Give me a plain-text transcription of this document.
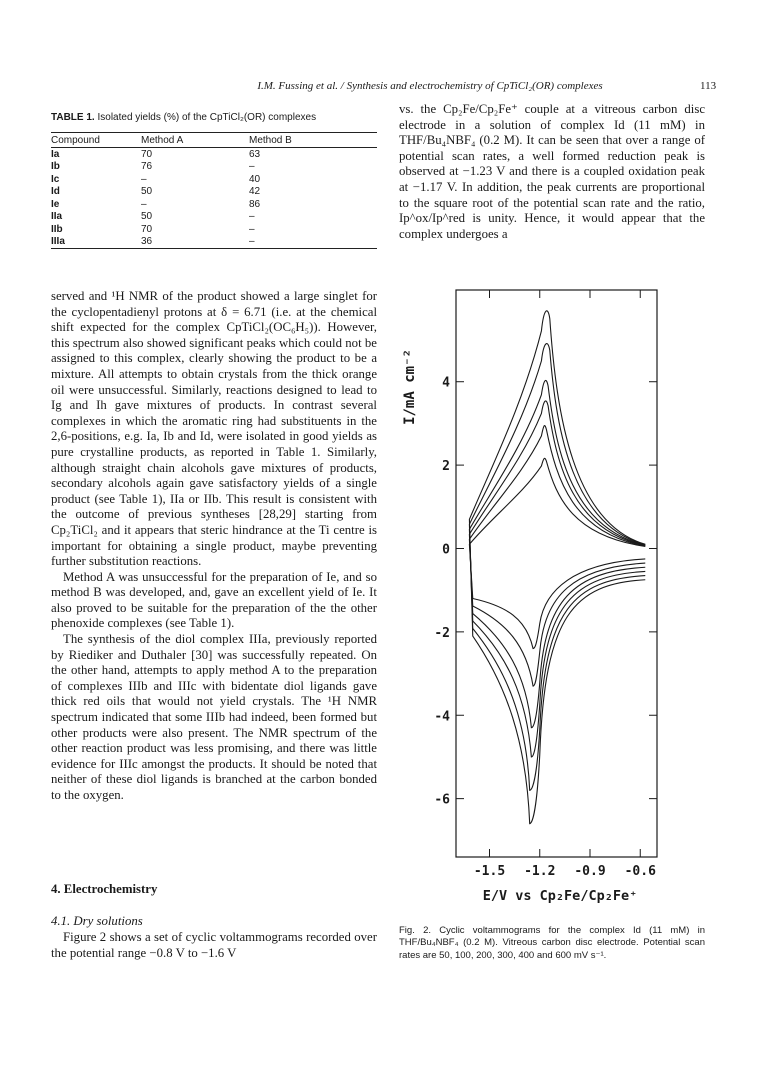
I.M. Fussing et al. / Synthesis and electrochemistry of CpTiCl₂(OR) complexes	113
TABLE 1. Isolated yields (%) of the CpTiCl₂(OR) complexes
Compound	Method A	Method B
Ia	70	63
Ib	76	–
Ic	–	40
Id	50	42
Ie	–	86
IIa	50	–
IIb	70	–
IIIa	36	–

vs. the Cp₂Fe/Cp₂Fe⁺ couple at a vitreous carbon disc electrode in a solution of complex Id (11 mM) in THF/Bu₄NBF₄ (0.2 M). It can be seen that over a range of potential scan rates, a well formed reduction peak is observed at −1.23 V and there is a coupled oxidation peak at −1.17 V. In addition, the peak currents are proportional to the square root of the potential scan rate and the ratio, Ip^ox/Ip^red is unity. Hence, it would appear that the complex undergoes a

served and ¹H NMR of the product showed a large singlet for the cyclopentadienyl protons at δ = 6.71 (i.e. at the chemical shift expected for the complex CpTiCl₂(OC₆H₅)). However, this spectrum also showed significant peaks which could not be assigned to this complex, clearly showing the product to be a mixture. All attempts to obtain crystals from the thick orange oil were unsuccessful. Similarly, reactions designed to lead to Ig and Ih gave mixtures of products. In contrast several complexes in which the aromatic ring had substituents in the 2,6-positions, e.g. Ia, Ib and Id, were isolated in good yields as pure crystalline products, as reported in Table 1. Similarly, although straight chain alcohols gave mixtures of products, secondary alcohols again gave satisfactory yields of a single product (see Table 1), IIa or IIb. This result is consistent with the outcome of previous syntheses [28,29] starting from Cp₂TiCl₂ and it appears that steric hindrance at the Ti centre is important for obtaining a single product, maybe preventing further substitution reactions.

Method A was unsuccessful for the preparation of Ie, and so method B was developed, and, gave an excellent yield of Ie. It also proved to be suitable for the preparation of the the other phenoxide complexes (see Table 1).

The synthesis of the diol complex IIIa, previously reported by Riediker and Duthaler [30] was successfully repeated. On the other hand, attempts to apply method A to the preparation of complexes IIIb and IIIc with bidentate diol ligands gave thick red oils that would not yield crystals. The ¹H NMR spectrum indicated that some IIIb had indeed, been formed but other products were also present. The NMR spectrum of the other reaction product was less promising, and there was little evidence for IIIc amongst the products. It should be noted that neither of these diol ligands is branched at the carbon bonded to the oxygen.

4. Electrochemistry
4.1. Dry solutions

Figure 2 shows a set of cyclic voltammograms recorded over the potential range −0.8 V to −1.6 V

-1.5 -1.2 -0.9 -0.6
-6
-4
-2
0
2
4
I/mA cm⁻²
E/V vs Cp₂Fe/Cp₂Fe⁺
Fig. 2. Cyclic voltammograms for the complex Id (11 mM) in THF/Bu₄NBF₄ (0.2 M). Vitreous carbon disc electrode. Potential scan rates are 50, 100, 200, 300, 400 and 600 mV s⁻¹.
